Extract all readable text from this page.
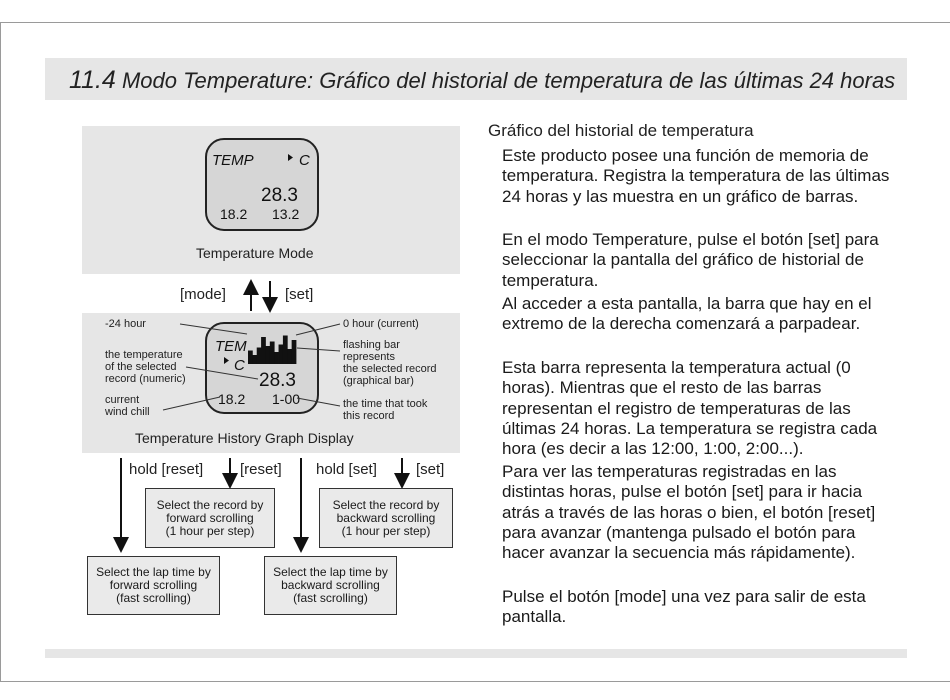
11.4 Modo Temperature: Gráfico del historial de temperatura de las últimas 24 horas
TEMP	C
28.3
18.2 13.2
TEM
C
28.3
18.2 1-00
Temperature Mode
[mode]	[set]
Temperature History Graph Display
-24 hour
the temperature
of the selected
record (numeric)
current
wind chill
0 hour (current)
flashing bar
represents
the selected record
(graphical bar)
the time that took
this record
hold [reset] [reset] hold [set]	[set]
Select the record by
forward scrolling
(1 hour per step)
Select the record by
backward scrolling
(1 hour per step)
Select the lap time by
forward scrolling
(fast scrolling)
Select the lap time by
backward scrolling
(fast scrolling)
Gráfico del historial de temperatura
Este producto posee una función de memoria de temperatura. Registra la temperatura de las últimas 24 horas y las muestra en un gráfico de barras.
En el modo Temperature, pulse el botón [set] para seleccionar la pantalla del gráfico de historial de temperatura.
Al acceder a esta pantalla, la barra que hay en el extremo de la derecha comenzará a parpadear.
Esta barra representa la temperatura actual (0 horas). Mientras que el resto de las barras representan el registro de temperaturas de las últimas 24 horas. La temperatura se registra cada hora (es decir a las 12:00, 1:00, 2:00...).
Para ver las temperaturas registradas en las distintas horas, pulse el botón [set] para ir hacia atrás a través de las horas o bien, el botón [reset] para avanzar (mantenga pulsado el botón para hacer avanzar la secuencia más rápidamente).
Pulse el botón [mode] una vez para salir de esta pantalla.
